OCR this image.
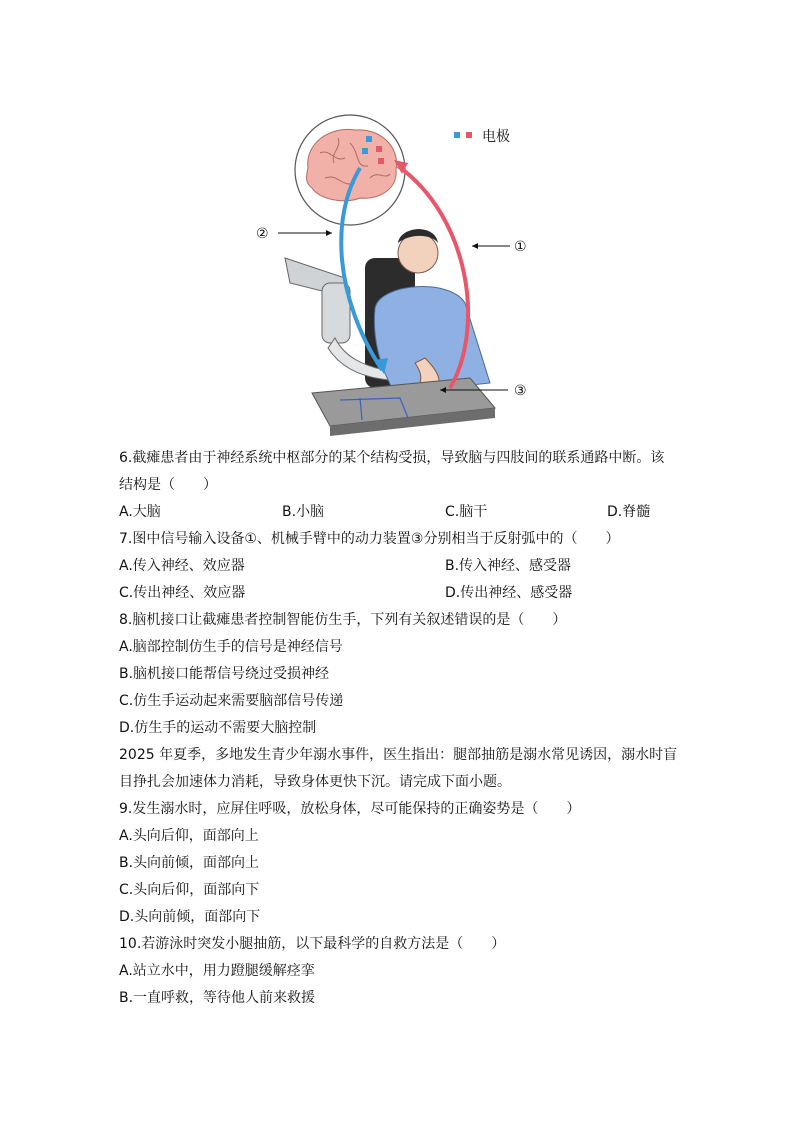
电极
②
①
③
6.截瘫患者由于神经系统中枢部分的某个结构受损，导致脑与四肢间的联系通路中断。该
结构是（　　）
A.大脑	B.小脑	C.脑干	D.脊髓
7.图中信号输入设备①、机械手臂中的动力装置③分别相当于反射弧中的（　　）
A.传入神经、效应器	B.传入神经、感受器
C.传出神经、效应器	D.传出神经、感受器
8.脑机接口让截瘫患者控制智能仿生手，下列有关叙述错误的是（　　）
A.脑部控制仿生手的信号是神经信号
B.脑机接口能帮信号绕过受损神经
C.仿生手运动起来需要脑部信号传递
D.仿生手的运动不需要大脑控制
2025 年夏季，多地发生青少年溺水事件，医生指出：腿部抽筋是溺水常见诱因，溺水时盲
目挣扎会加速体力消耗，导致身体更快下沉。请完成下面小题。
9.发生溺水时，应屏住呼吸，放松身体，尽可能保持的正确姿势是（　　）
A.头向后仰，面部向上
B.头向前倾，面部向上
C.头向后仰，面部向下
D.头向前倾，面部向下
10.若游泳时突发小腿抽筋，以下最科学的自救方法是（　　）
A.站立水中，用力蹬腿缓解痉挛
B.一直呼救，等待他人前来救援
